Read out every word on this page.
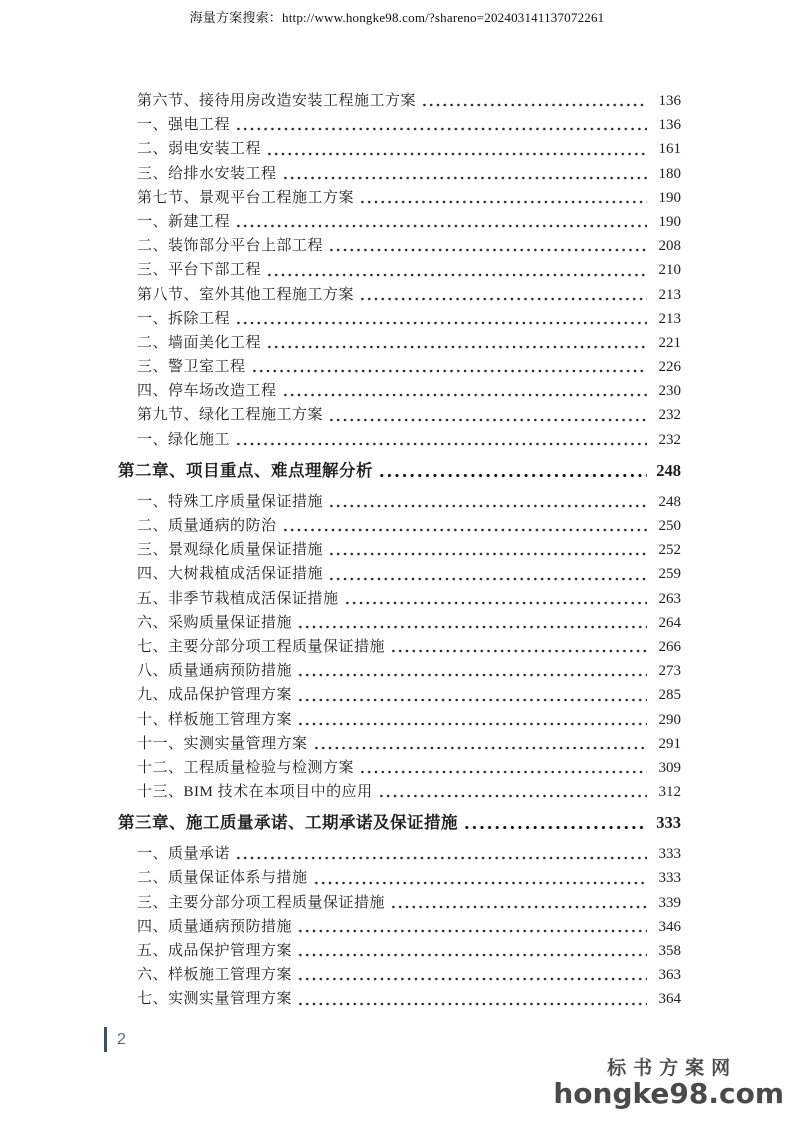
海量方案搜索：http://www.hongke98.com/?shareno=202403141137072261
第六节、接待用房改造安装工程施工方案	136
一、强电工程	136
二、弱电安装工程	161
三、给排水安装工程	180
第七节、景观平台工程施工方案	190
一、新建工程	190
二、装饰部分平台上部工程	208
三、平台下部工程	210
第八节、室外其他工程施工方案	213
一、拆除工程	213
二、墙面美化工程	221
三、警卫室工程	226
四、停车场改造工程	230
第九节、绿化工程施工方案	232
一、绿化施工	232
第二章、项目重点、难点理解分析	248
一、特殊工序质量保证措施	248
二、质量通病的防治	250
三、景观绿化质量保证措施	252
四、大树栽植成活保证措施	259
五、非季节栽植成活保证措施	263
六、采购质量保证措施	264
七、主要分部分项工程质量保证措施	266
八、质量通病预防措施	273
九、成品保护管理方案	285
十、样板施工管理方案	290
十一、实测实量管理方案	291
十二、工程质量检验与检测方案	309
十三、BIM 技术在本项目中的应用	312
第三章、施工质量承诺、工期承诺及保证措施	333
一、质量承诺	333
二、质量保证体系与措施	333
三、主要分部分项工程质量保证措施	339
四、质量通病预防措施	346
五、成品保护管理方案	358
六、样板施工管理方案	363
七、实测实量管理方案	364
2
标书方案网
hongke98.com
